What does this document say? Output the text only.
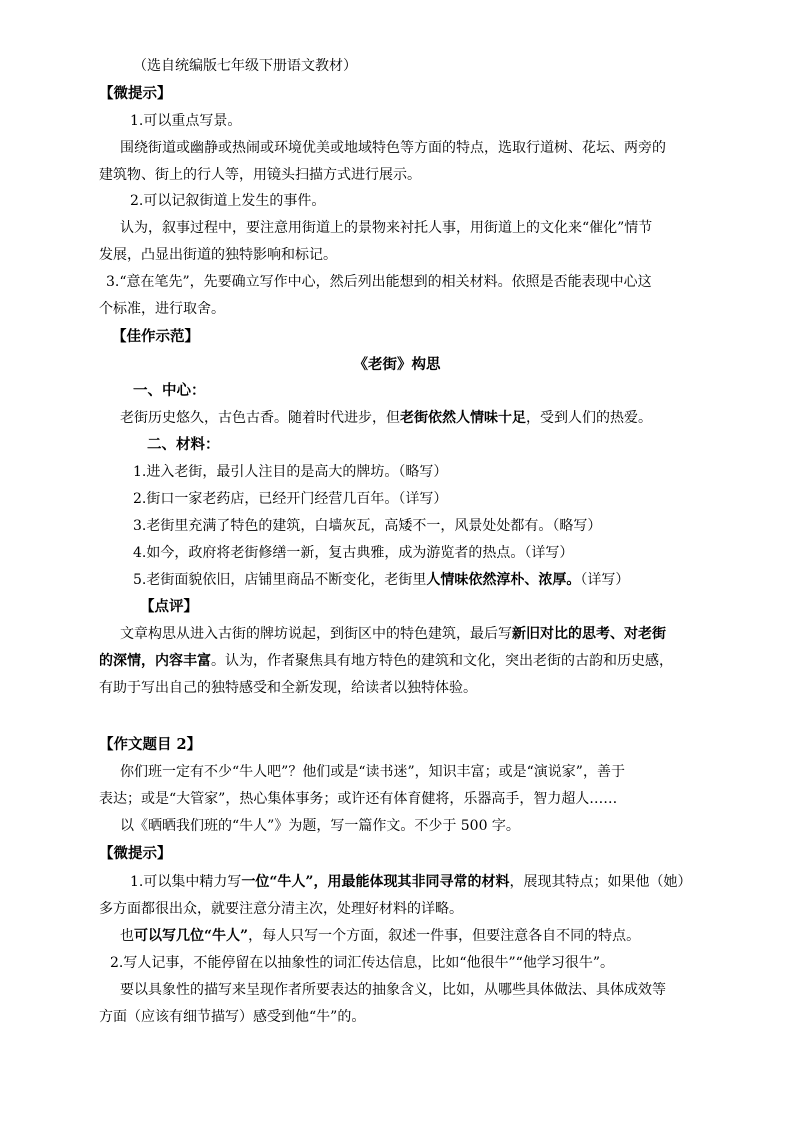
（选自统编版七年级下册语文教材）
【微提示】
1.可以重点写景。
围绕街道或幽静或热闹或环境优美或地域特色等方面的特点，选取行道树、花坛、两旁的
建筑物、街上的行人等，用镜头扫描方式进行展示。
2.可以记叙街道上发生的事件。
认为，叙事过程中，要注意用街道上的景物来衬托人事，用街道上的文化来“催化”情节
发展，凸显出街道的独特影响和标记。
3.“意在笔先”，先要确立写作中心，然后列出能想到的相关材料。依照是否能表现中心这
个标准，进行取舍。
【佳作示范】
《老街》构思
一、中心：
老街历史悠久，古色古香。随着时代进步，但老街依然人情味十足，受到人们的热爱。
二、材料：
1.进入老街，最引人注目的是高大的牌坊。（略写）
2.街口一家老药店，已经开门经营几百年。（详写）
3.老街里充满了特色的建筑，白墙灰瓦，高矮不一，风景处处都有。（略写）
4.如今，政府将老街修缮一新，复古典雅，成为游览者的热点。（详写）
5.老街面貌依旧，店铺里商品不断变化，老街里人情味依然淳朴、浓厚。（详写）
【点评】
文章构思从进入古街的牌坊说起，到街区中的特色建筑，最后写新旧对比的思考、对老街
的深情，内容丰富。认为，作者聚焦具有地方特色的建筑和文化，突出老街的古韵和历史感，
有助于写出自己的独特感受和全新发现，给读者以独特体验。
【作文题目 2】
你们班一定有不少“牛人吧”？他们或是“读书迷”，知识丰富；或是“演说家”，善于
表达；或是“大管家”，热心集体事务；或许还有体育健将，乐器高手，智力超人……
以《晒晒我们班的“牛人”》为题，写一篇作文。不少于 500 字。
【微提示】
1.可以集中精力写一位“牛人”，用最能体现其非同寻常的材料，展现其特点；如果他（她）
多方面都很出众，就要注意分清主次，处理好材料的详略。
也可以写几位“牛人”，每人只写一个方面，叙述一件事，但要注意各自不同的特点。
2.写人记事，不能停留在以抽象性的词汇传达信息，比如“他很牛”“他学习很牛”。
要以具象性的描写来呈现作者所要表达的抽象含义，比如，从哪些具体做法、具体成效等
方面（应该有细节描写）感受到他“牛”的。
